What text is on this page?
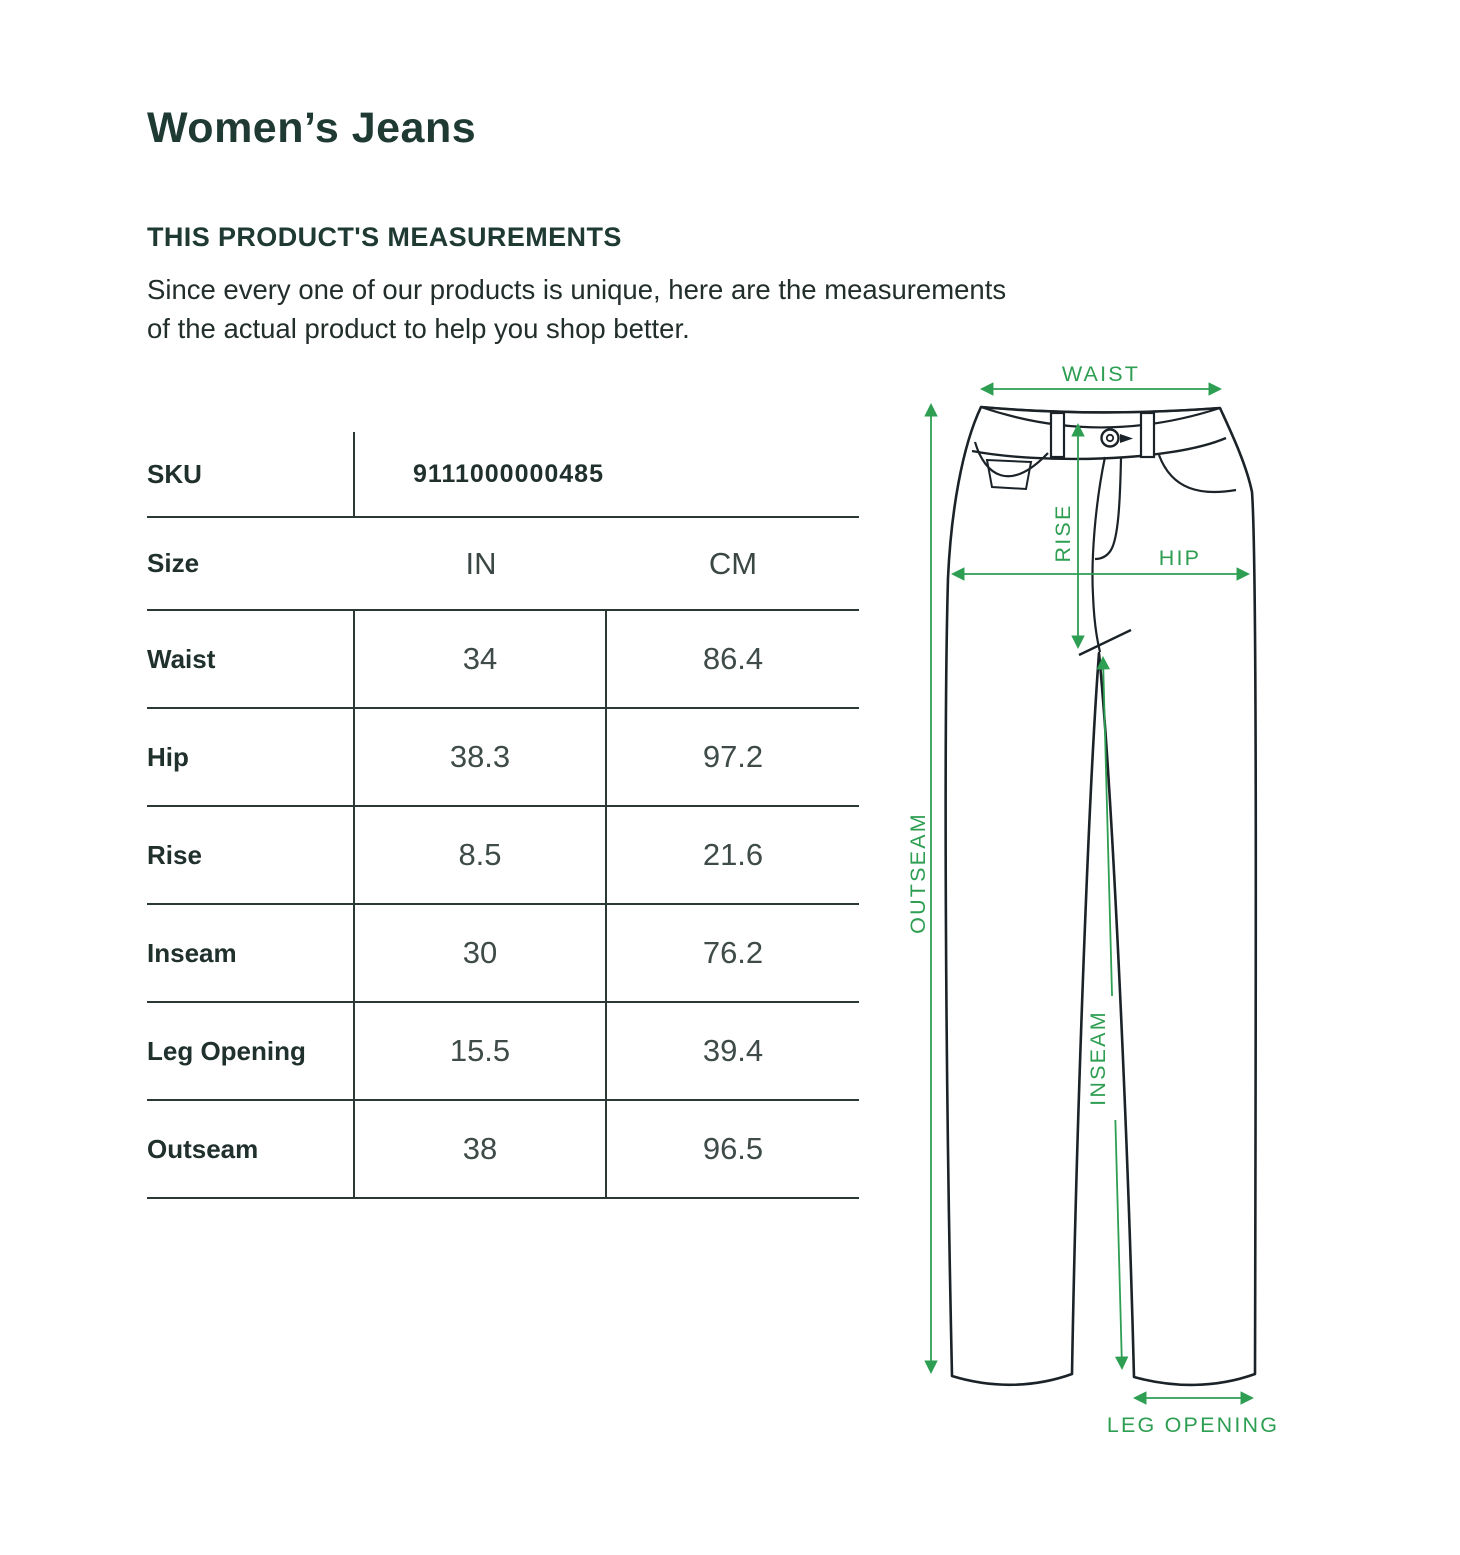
Women’s Jeans
THIS PRODUCT'S MEASUREMENTS
Since every one of our products is unique, here are the measurements
of the actual product to help you shop better.
SKU	9111000000485
Size	IN	CM
Waist	34	86.4
Hip	38.3	97.2
Rise	8.5	21.6
Inseam	30	76.2
Leg Opening	15.5	39.4
Outseam	38	96.5
WAIST
RISE	HIP
OUTSEAM
INSEAM
LEG OPENING
